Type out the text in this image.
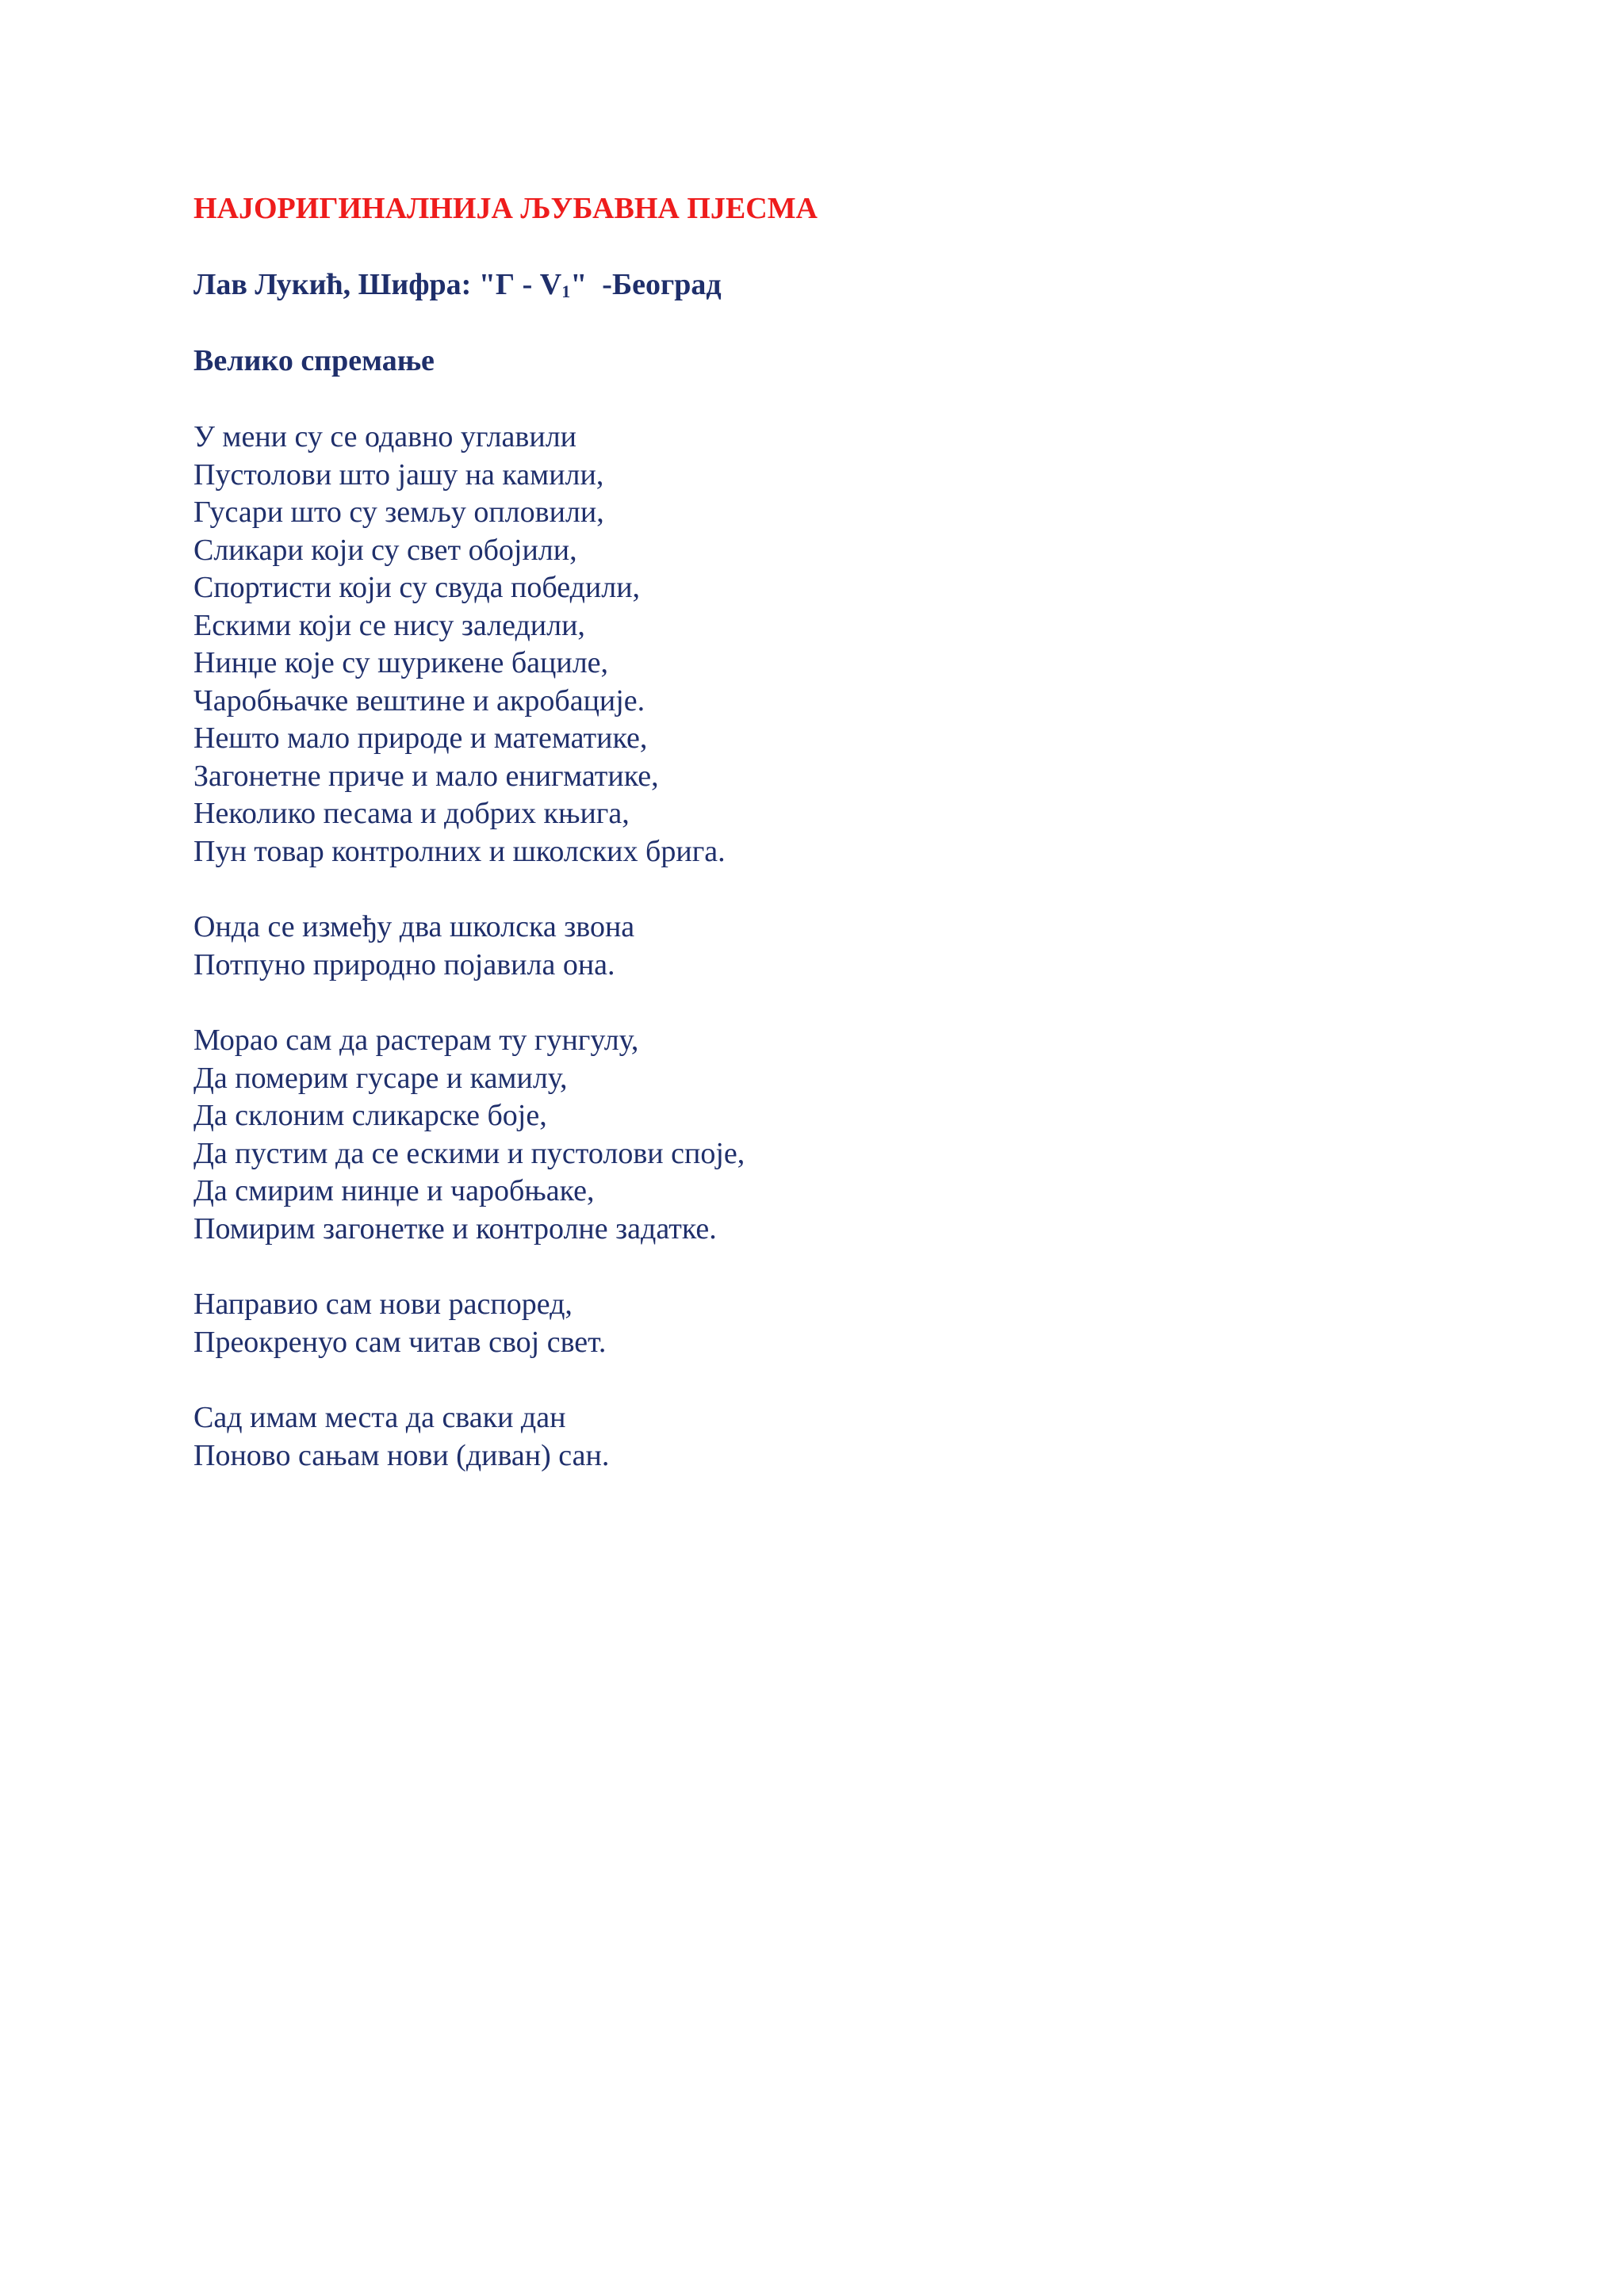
НАЈОРИГИНАЛНИЈА ЉУБАВНА ПЈЕСМА
Лав Лукић, Шифра: "Г - $V_1$"  -Београд
Велико спремање
У мени су се одавно углавили
Пустолови што јашу на камили,
Гусари што су земљу опловили,
Сликари који су свет обојили,
Спортисти који су свуда победили,
Ескими који се нису заледили,
Нинџе које су шурикене бациле,
Чаробњачке вештине и акробације.
Нешто мало природе и математике,
Загонетне приче и мало енигматике,
Неколико песама и добрих књига,
Пун товар контролних и школских брига.
Онда се између два школска звона
Потпуно природно појавила она.
Морао сам да растерам ту гунгулу,
Да померим гусаре и камилу,
Да склоним сликарске боје,
Да пустим да се ескими и пустолови споје,
Да смирим нинџе и чаробњаке,
Помирим загонетке и контролне задатке.
Направио сам нови распоред,
Преокренуо сам читав свој свет.
Сад имам места да сваки дан
Поново сањам нови (диван) сан.
